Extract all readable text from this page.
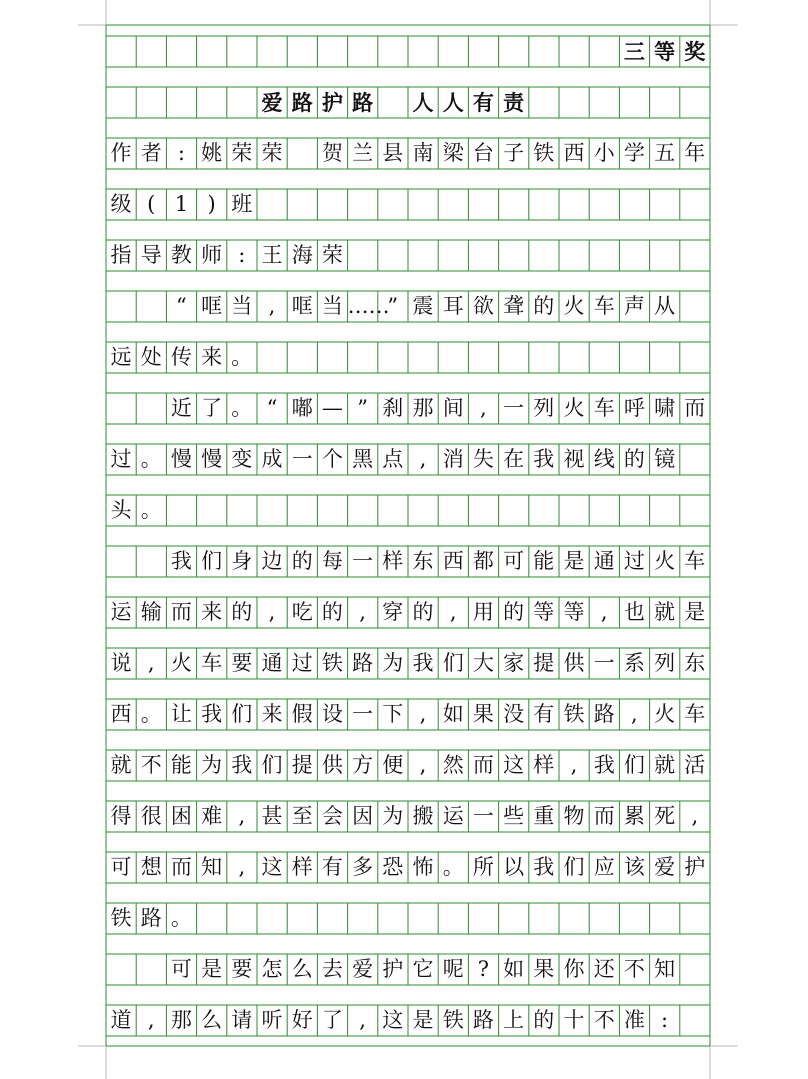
三 等 奖
爱 路 护 路 人 人 有 责
作 者 : 姚 荣 荣 贺 兰 县 南 梁 台 子 铁 西 小 学 五 年
级 ( 1 ) 班
指 导 教 师 : 王 海 荣
“ 哐 当 , 哐 当 ……
” 震 耳 欲 聋 的 火 车 声 从
远 处 传 来 。
近 了 。 “ 嘟 — ” 刹 那 间 , 一 列 火 车 呼 啸 而
过 。 慢 慢 变 成 一 个 黑 点 , 消 失 在 我 视 线 的 镜
头 。
我 们 身 边 的 每 一 样 东 西 都 可 能 是 通 过 火 车
运 输 而 来 的 , 吃 的 , 穿 的 , 用 的 等 等 , 也 就 是
说 , 火 车 要 通 过 铁 路 为 我 们 大 家 提 供 一 系 列 东
西 。 让 我 们 来 假 设 一 下 , 如 果 没 有 铁 路 , 火 车
就 不 能 为 我 们 提 供 方 便 , 然 而 这 样 , 我 们 就 活
得 很 困 难 , 甚 至 会 因 为 搬 运 一 些 重 物 而 累 死 ,
可 想 而 知 , 这 样 有 多 恐 怖 。 所 以 我 们 应 该 爱 护
铁 路 。
可 是 要 怎 么 去 爱 护 它 呢 ? 如 果 你 还 不 知
道 , 那 么 请 听 好 了 , 这 是 铁 路 上 的 十 不 准 :
